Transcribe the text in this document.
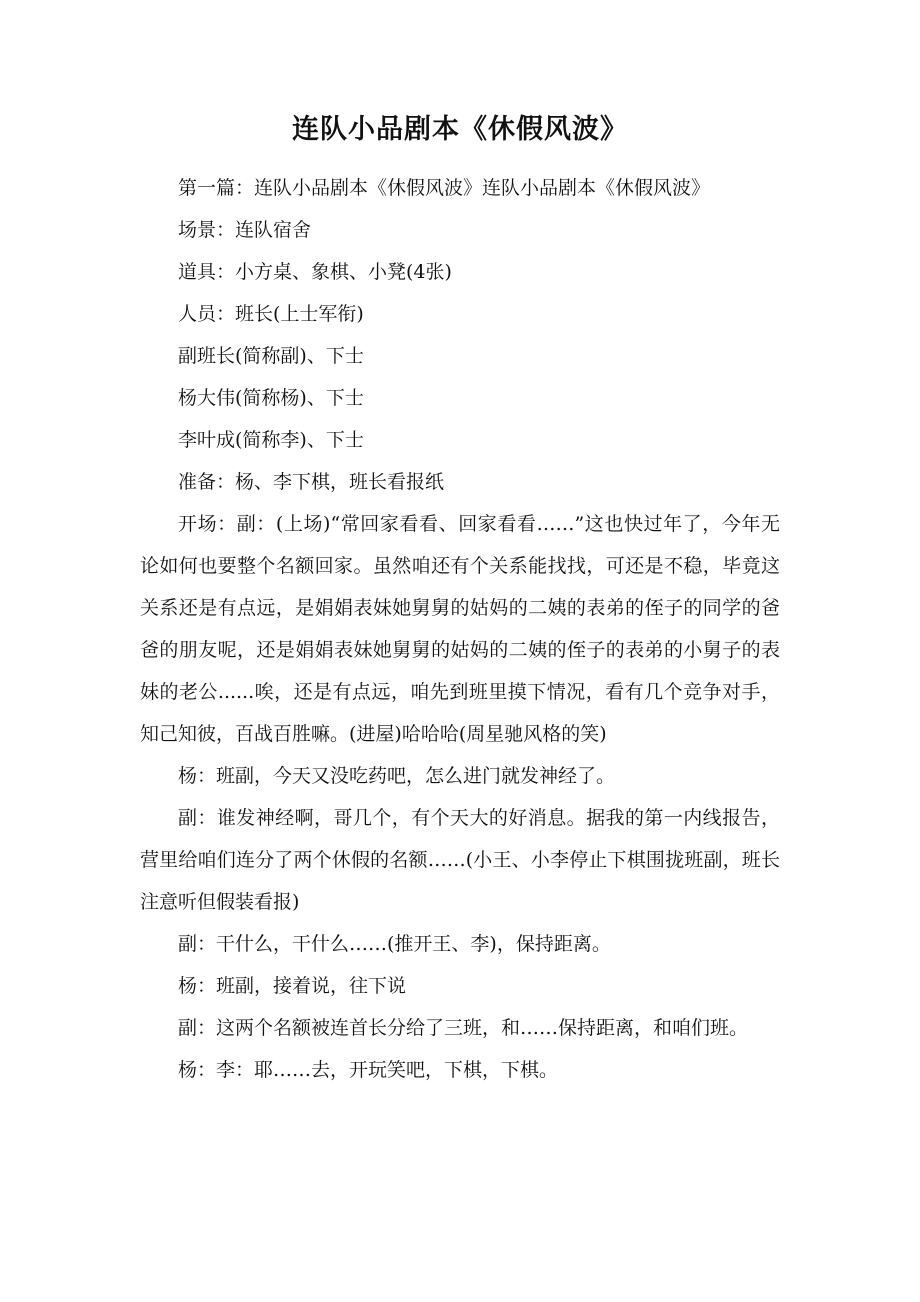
连队小品剧本《休假风波》

第一篇：连队小品剧本《休假风波》连队小品剧本《休假风波》

场景：连队宿舍

道具：小方桌、象棋、小凳(4张)

人员：班长(上士军衔)

副班长(简称副)、下士

杨大伟(简称杨)、下士

李叶成(简称李)、下士

准备：杨、李下棋，班长看报纸

开场：副：(上场)“常回家看看、回家看看……”这也快过年了，今年无论如何也要整个名额回家。虽然咱还有个关系能找找，可还是不稳，毕竟这关系还是有点远，是娟娟表妹她舅舅的姑妈的二姨的表弟的侄子的同学的爸爸的朋友呢，还是娟娟表妹她舅舅的姑妈的二姨的侄子的表弟的小舅子的表妹的老公......唉，还是有点远，咱先到班里摸下情况，看有几个竞争对手，知己知彼，百战百胜嘛。(进屋)哈哈哈(周星驰风格的笑)

杨：班副，今天又没吃药吧，怎么进门就发神经了。

副：谁发神经啊，哥几个，有个天大的好消息。据我的第一内线报告，营里给咱们连分了两个休假的名额……(小王、小李停止下棋围拢班副，班长注意听但假装看报)

副：干什么，干什么……(推开王、李)，保持距离。

杨：班副，接着说，往下说

副：这两个名额被连首长分给了三班，和……保持距离，和咱们班。

杨：李：耶……去，开玩笑吧，下棋，下棋。
